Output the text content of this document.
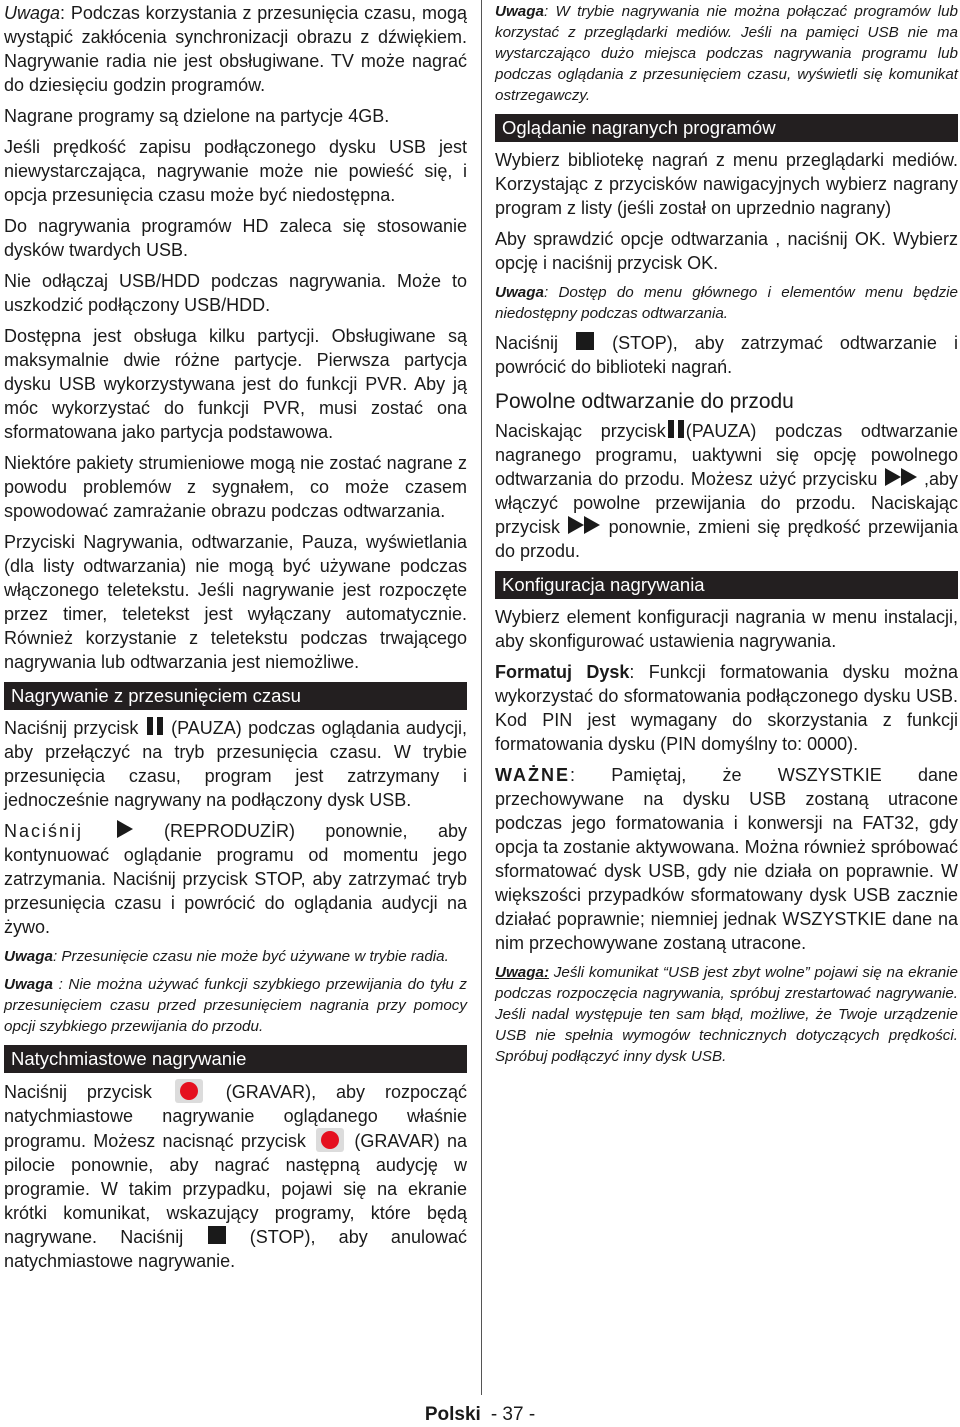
Uwaga: Podczas korzystania z przesunięcia czasu, mogą wystąpić zakłócenia synchronizacji obrazu z dźwiękiem. Nagrywanie radia nie jest obsługiwane. TV może nagrać do dziesięciu godzin programów.

Nagrane programy są dzielone na partycje 4GB.

Jeśli prędkość zapisu podłączonego dysku USB jest niewystarczająca, nagrywanie może nie powieść się, i opcja przesunięcia czasu może być niedostępna.

Do nagrywania programów HD zaleca się stosowanie dysków twardych USB.

Nie odłączaj USB/HDD podczas nagrywania. Może to uszkodzić podłączony USB/HDD.

Dostępna jest obsługa kilku partycji. Obsługiwane są maksymalnie dwie różne partycje. Pierwsza partycja dysku USB wykorzystywana jest do funkcji PVR. Aby ją móc wykorzystać do funkcji PVR, musi zostać ona sformatowana jako partycja podstawowa.

Niektóre pakiety strumieniowe mogą nie zostać nagrane z powodu problemów z sygnałem, co może czasem spowodować zamrażanie obrazu podczas odtwarzania.

Przyciski Nagrywania, odtwarzanie, Pauza, wyświetlania (dla listy odtwarzania) nie mogą być używane podczas włączonego teletekstu. Jeśli nagrywanie jest rozpoczęte przez timer, teletekst jest wyłączany automatycznie. Również korzystanie z teletekstu podczas trwającego nagrywania lub odtwarzania jest niemożliwe.

Nagrywanie z przesunięciem czasu

Naciśnij przycisk (PAUZA) podczas oglądania audycji, aby przełączyć na tryb przesunięcia czasu. W trybie przesunięcia czasu, program jest zatrzymany i jednocześnie nagrywany na podłączony dysk USB.

Naciśnij	(REPRODUZİR) ponownie, aby kontynuować oglądanie programu od momentu jego zatrzymania. Naciśnij przycisk STOP, aby zatrzymać tryb przesunięcia czasu i powrócić do oglądania audycji na żywo.

Uwaga: Przesunięcie czasu nie może być używane w trybie radia.

Uwaga : Nie można używać funkcji szybkiego przewijania do tyłu z przesunięciem czasu przed przesunięciem nagrania przy pomocy opcji szybkiego przewijania do przodu.

Natychmiastowe nagrywanie

Naciśnij przycisk	(GRAVAR), aby rozpocząć natychmiastowe nagrywanie oglądanego właśnie programu. Możesz nacisnąć przycisk	(GRAVAR) na pilocie ponownie, aby nagrać następną audycję w programie. W takim przypadku, pojawi się na ekranie krótki komunikat, wskazujący programy, które będą nagrywane. Naciśnij	(STOP), aby anulować natychmiastowe nagrywanie.

Uwaga: W trybie nagrywania nie można połączać programów lub korzystać z przeglądarki mediów. Jeśli na pamięci USB nie ma wystarczająco dużo miejsca podczas nagrywania programu lub podczas oglądania z przesunięciem czasu, wyświetli się komunikat ostrzegawczy.

Oglądanie nagranych programów

Wybierz bibliotekę nagrań z menu przeglądarki mediów. Korzystając z przycisków nawigacyjnych wybierz nagrany program z listy (jeśli został on uprzednio nagrany)

Aby sprawdzić opcje odtwarzania , naciśnij OK. Wybierz opcję i naciśnij przycisk OK.

Uwaga: Dostęp do menu głównego i elementów menu będzie niedostępny podczas odtwarzania.

Naciśnij	(STOP), aby zatrzymać odtwarzanie i powrócić do biblioteki nagrań.

Powolne odtwarzanie do przodu

Naciskając przycisk (PAUZA) podczas odtwarzanie nagranego programu, uaktywni się opcję powolnego odtwarzania do przodu. Możesz użyć przycisku	,aby włączyć powolne przewijania do przodu. Naciskając przycisk	ponownie, zmieni się prędkość przewijania do przodu.

Konfiguracja nagrywania

Wybierz element konfiguracji nagrania w menu instalacji, aby skonfigurować ustawienia nagrywania.

Formatuj Dysk: Funkcji formatowania dysku można wykorzystać do sformatowania podłączonego dysku USB. Kod PIN jest wymagany do skorzystania z funkcji formatowania dysku (PIN domyślny to: 0000).

WAŻNE: Pamiętaj, że WSZYSTKIE dane przechowywane na dysku USB zostaną utracone podczas jego formatowania i konwersji na FAT32, gdy opcja ta zostanie aktywowana. Można również spróbować sformatować dysk USB, gdy nie działa on poprawnie. W większości przypadków sformatowany dysk USB zacznie działać poprawnie; niemniej jednak WSZYSTKIE dane na nim przechowywane zostaną utracone.

Uwaga: Jeśli komunikat “USB jest zbyt wolne” pojawi się na ekranie podczas rozpoczęcia nagrywania, spróbuj zrestartować nagrywanie. Jeśli nadal występuje ten sam błąd, możliwe, że Twoje urządzenie USB nie spełnia wymogów technicznych dotyczących prędkości. Spróbuj podłączyć inny dysk USB.

Polski - 37 -
